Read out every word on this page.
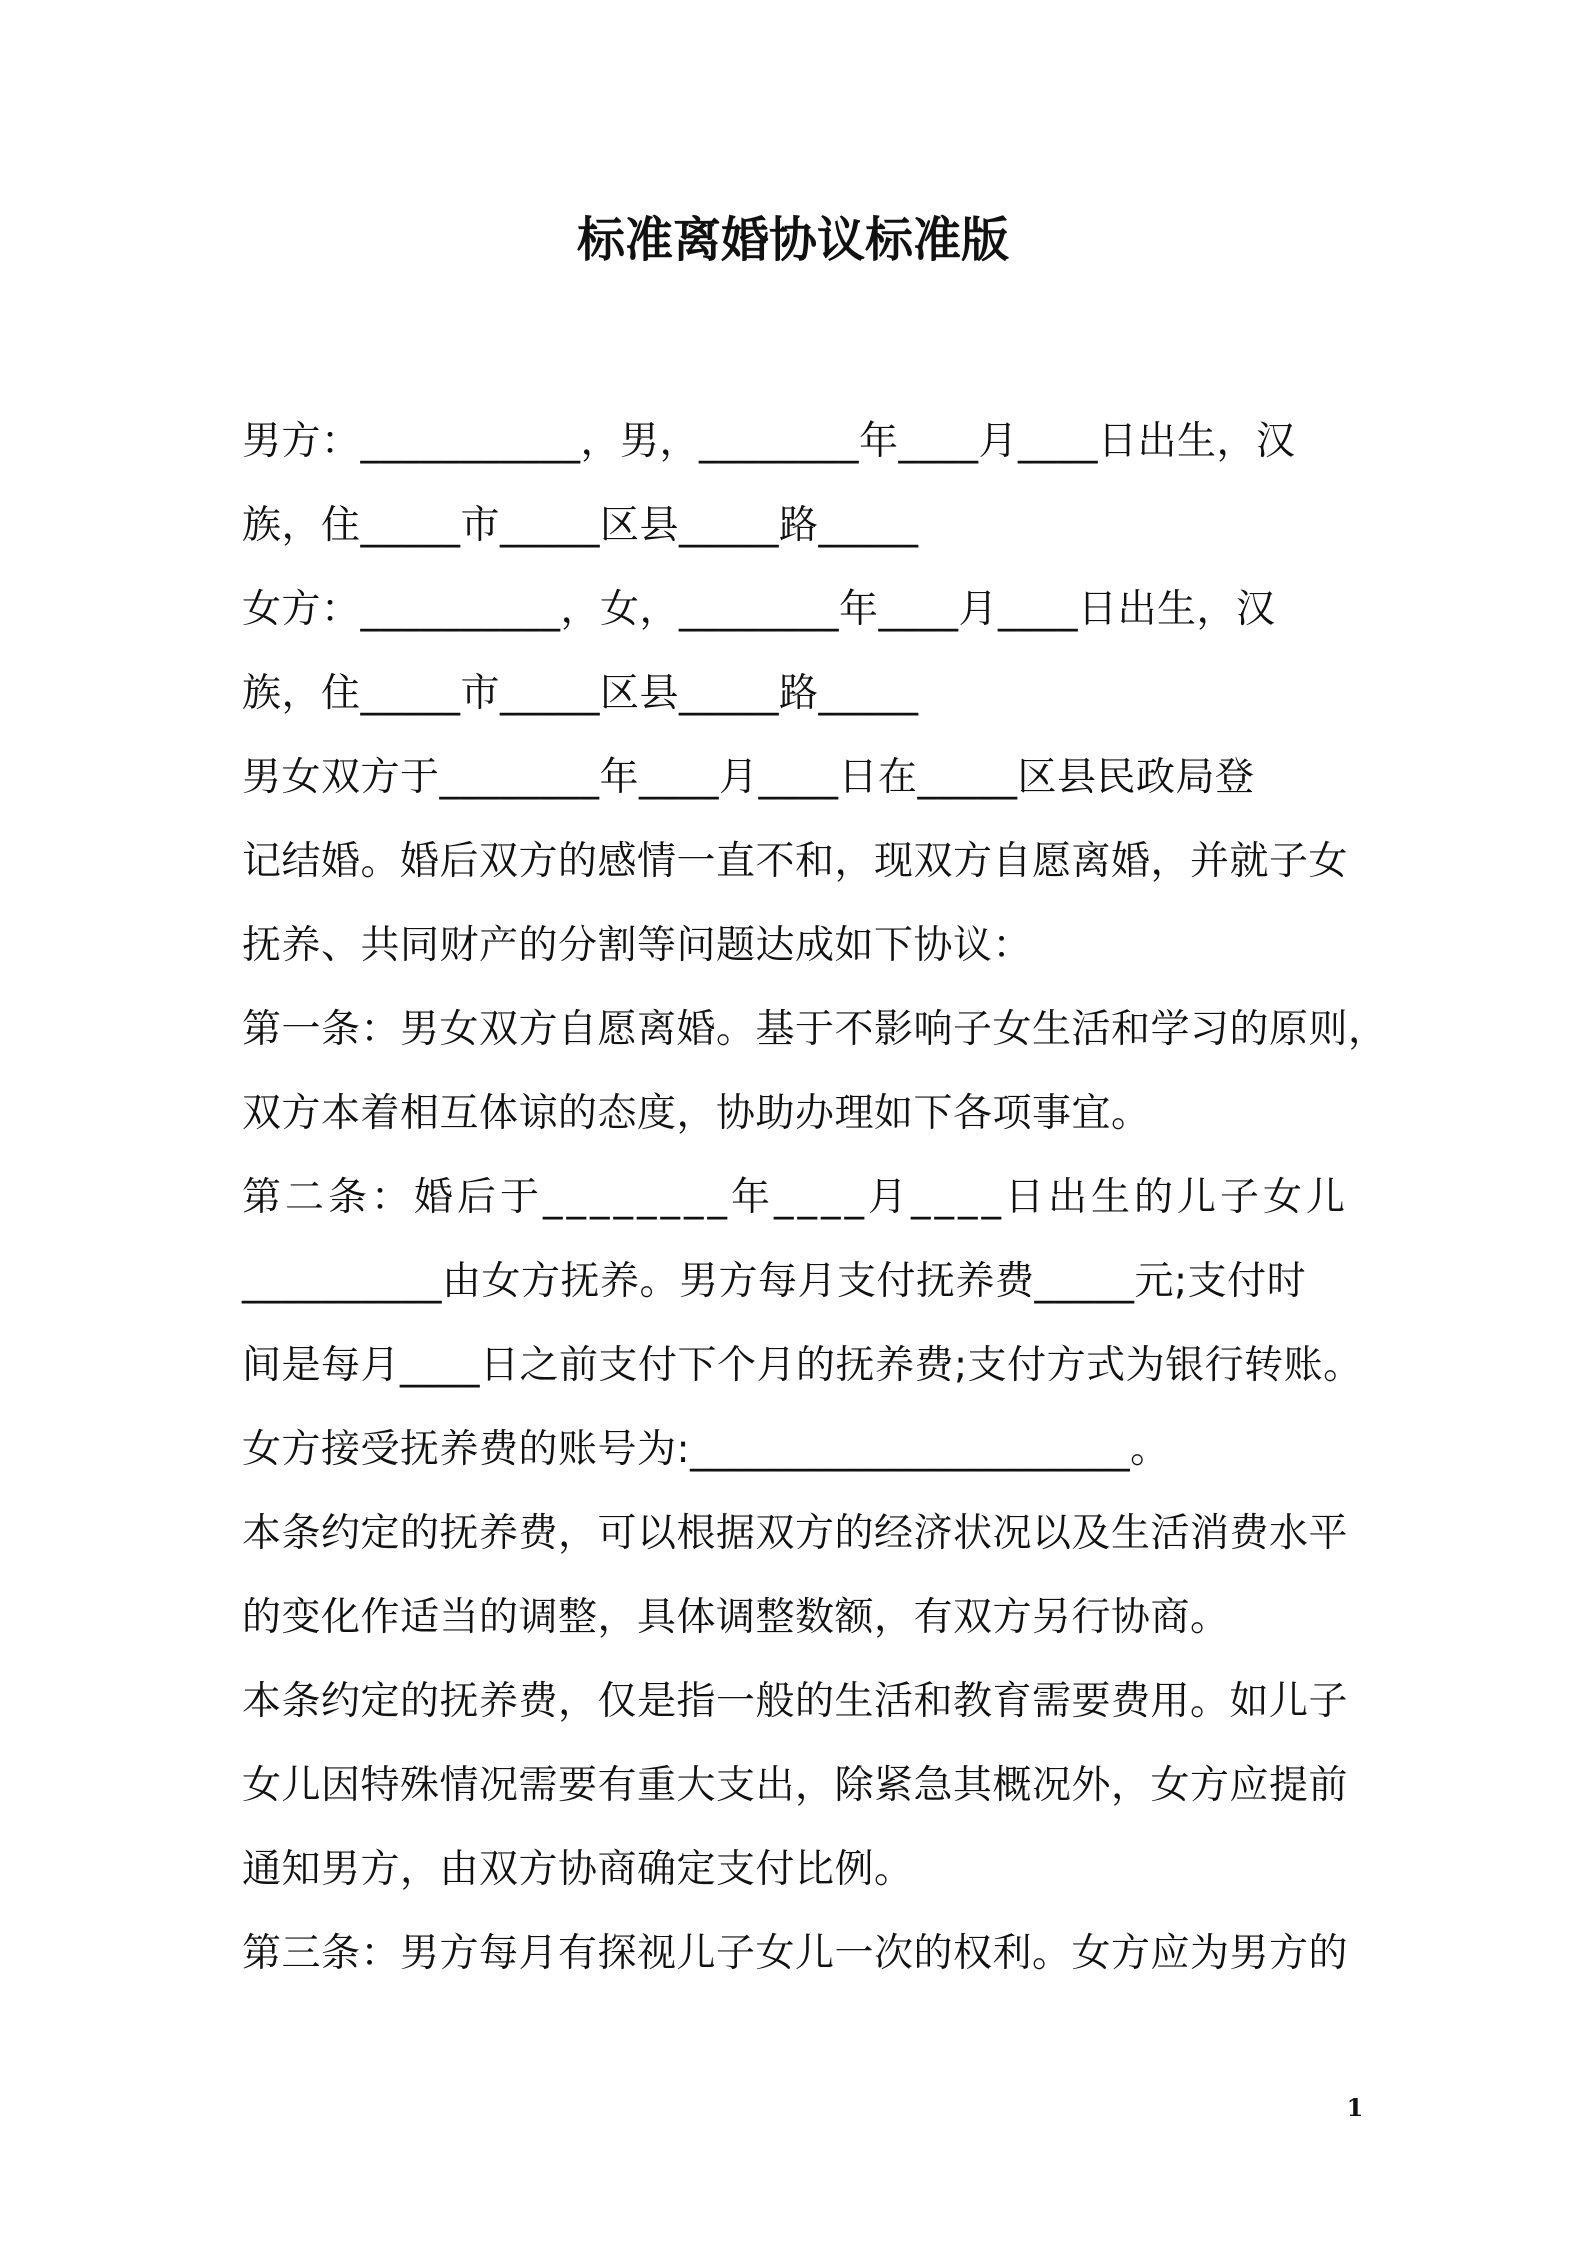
标准离婚协议标准版
男方：___________，男，________年____月____日出生，汉
族，住_____市_____区县_____路_____
女方：__________，女，________年____月____日出生，汉
族，住_____市_____区县_____路_____
男女双方于________年____月____日在_____区县民政局登
记结婚。婚后双方的感情一直不和，现双方自愿离婚，并就子女
抚养、共同财产的分割等问题达成如下协议：
第一条：男女双方自愿离婚。基于不影响子女生活和学习的原则，
双方本着相互体谅的态度，协助办理如下各项事宜。
第二条：婚后于________年____月____日出生的儿子女儿
__________由女方抚养。男方每月支付抚养费_____元;支付时
间是每月____日之前支付下个月的抚养费;支付方式为银行转账。
女方接受抚养费的账号为:______________________。
本条约定的抚养费，可以根据双方的经济状况以及生活消费水平
的变化作适当的调整，具体调整数额，有双方另行协商。
本条约定的抚养费，仅是指一般的生活和教育需要费用。如儿子
女儿因特殊情况需要有重大支出，除紧急其概况外，女方应提前
通知男方，由双方协商确定支付比例。
第三条：男方每月有探视儿子女儿一次的权利。女方应为男方的
1
